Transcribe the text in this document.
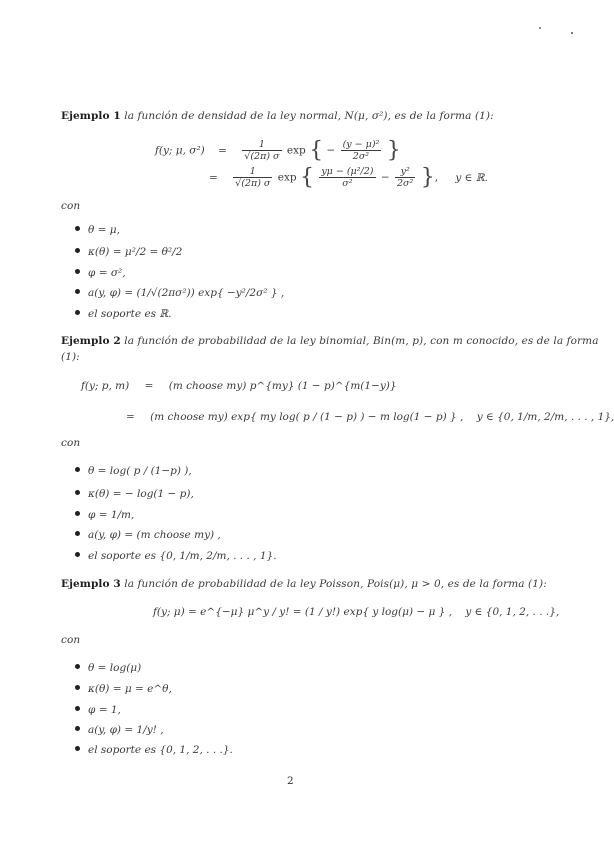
Ejemplo 1 la función de densidad de la ley normal, N(μ, σ²), es de la forma (1):
f(y; μ, $\sigma^2) = \frac{1}{√(2\pi) \sigma}$ exp { − $\frac{\text{(y − μ)²}}{\text{2σ²}}$ }
= $\frac{1}{√(2\pi) \sigma}$ exp { $\frac{\text{yμ − (μ²/2)}}{\text{σ²}} - \frac{\text{y²}}{\text{2σ²}}$ }, y ∈ ℝ.
con
θ = μ,
κ(θ) = μ²/2 = θ²/2
φ = σ²,
a(y, φ) = (1/√(2πσ²)) exp{ −y²/2σ² } ,
el soporte es ℝ.
Ejemplo 2 la función de probabilidad de la ley binomial, Bin(m, p), con m conocido, es de la forma
(1):
f(y; p, m) = (m choose my) p^{my} (1 − p)^{m(1−y)}
= (m choose my) exp{ my log( p / (1 − p) ) − m log(1 − p) } , y ∈ {0, 1/m, 2/m, . . . , 1},
con
θ = log( p / (1−p) ),
κ(θ) = − log(1 − p),
φ = 1/m,
a(y, φ) = (m choose my) ,
el soporte es {0, 1/m, 2/m, . . . , 1}.
Ejemplo 3 la función de probabilidad de la ley Poisson, Pois(μ), μ > 0, es de la forma (1):
f(y; μ) = e^{−μ} μ^y / y! = (1 / y!) exp{ y log(μ) − μ } , y ∈ {0, 1, 2, . . .},
con
θ = log(μ)
κ(θ) = μ = e^θ,
φ = 1,
a(y, φ) = 1/y! ,
el soporte es {0, 1, 2, . . .}.
2
